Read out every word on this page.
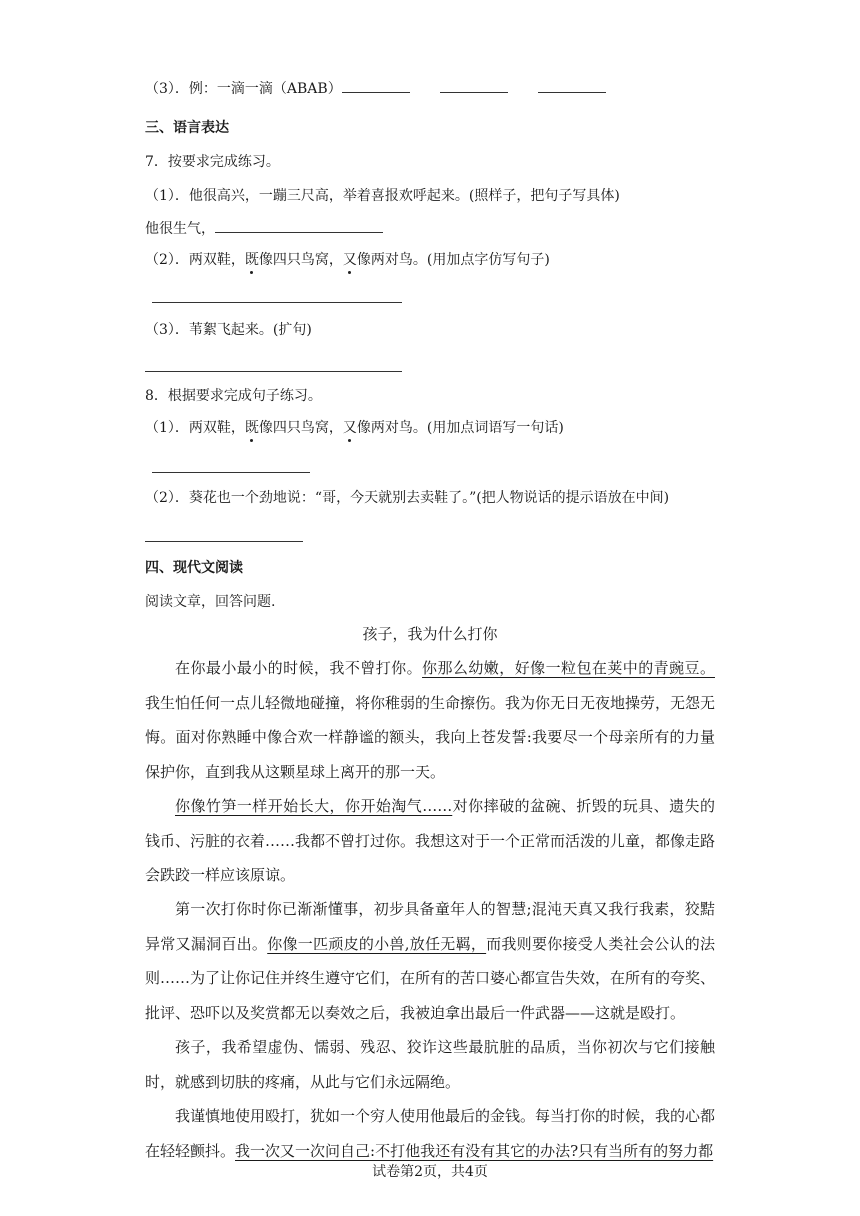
（3）．例：一滴一滴（ABAB）
三、语言表达
7．按要求完成练习。
（1）．他很高兴，一蹦三尺高，举着喜报欢呼起来。(照样子，把句子写具体)
他很生气，
（2）．两双鞋，既像四只鸟窝，又像两对鸟。(用加点字仿写句子)
（3）．苇絮飞起来。(扩句)
8．根据要求完成句子练习。
（1）．两双鞋，既像四只鸟窝，又像两对鸟。(用加点词语写一句话)
（2）．葵花也一个劲地说：“哥，今天就别去卖鞋了。”(把人物说话的提示语放在中间)
四、现代文阅读
阅读文章，回答问题.
孩子，我为什么打你
在你最小最小的时候，我不曾打你。你那么幼嫩，好像一粒包在荚中的青豌豆。我生怕任何一点儿轻微地碰撞，将你稚弱的生命擦伤。我为你无日无夜地操劳，无怨无悔。面对你熟睡中像合欢一样静谧的额头，我向上苍发誓:我要尽一个母亲所有的力量保护你，直到我从这颗星球上离开的那一天。
你像竹笋一样开始长大，你开始淘气……对你摔破的盆碗、折毁的玩具、遗失的钱币、污脏的衣着……我都不曾打过你。我想这对于一个正常而活泼的儿童，都像走路会跌跤一样应该原谅。
第一次打你时你已渐渐懂事，初步具备童年人的智慧;混沌天真又我行我素，狡黠异常又漏洞百出。你像一匹顽皮的小兽,放任无羁，而我则要你接受人类社会公认的法则……为了让你记住并终生遵守它们，在所有的苦口婆心都宣告失效，在所有的夸奖、批评、恐吓以及奖赏都无以奏效之后，我被迫拿出最后一件武器——这就是殴打。
孩子，我希望虚伪、懦弱、残忍、狡诈这些最肮脏的品质，当你初次与它们接触时，就感到切肤的疼痛，从此与它们永远隔绝。
我谨慎地使用殴打，犹如一个穷人使用他最后的金钱。每当打你的时候，我的心都在轻轻颤抖。我一次又一次问自己:不打他我还有没有其它的办法?只有当所有的努力都
试卷第2页，共4页
